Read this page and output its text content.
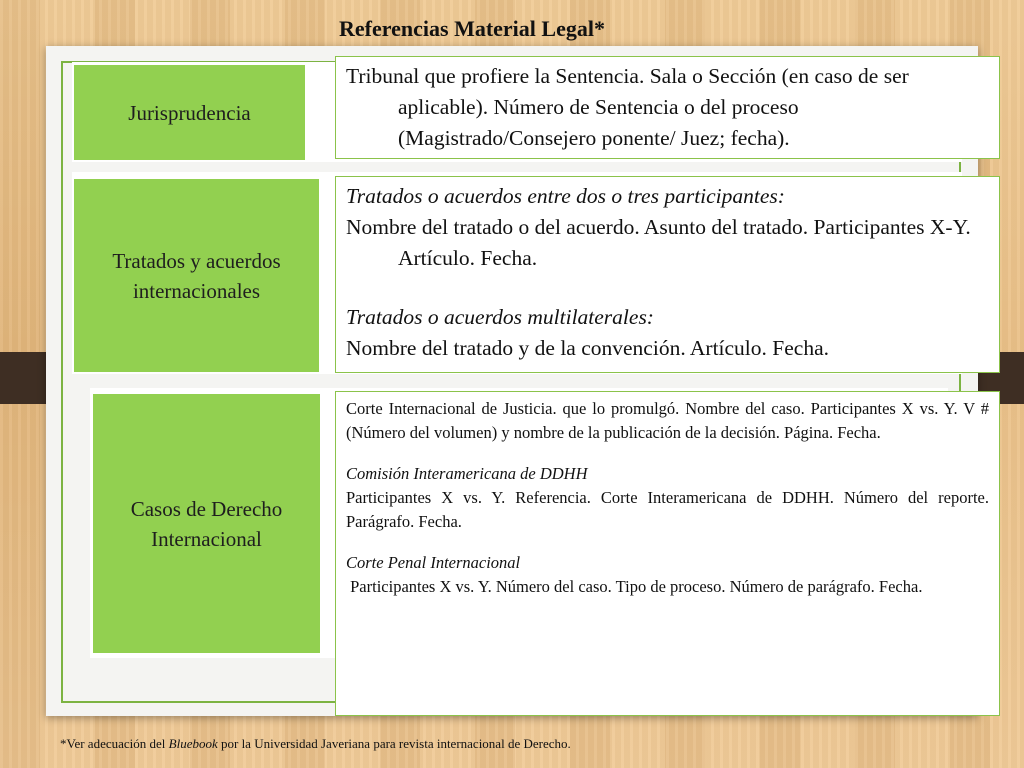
Referencias Material Legal*
Jurisprudencia

Tribunal que profiere la Sentencia. Sala o Sección (en caso de ser aplicable). Número de Sentencia o del proceso (Magistrado/Consejero ponente/ Juez; fecha).

Tratados y acuerdos internacionales

Tratados o acuerdos entre dos o tres participantes:

Nombre del tratado o del acuerdo. Asunto del tratado. Participantes X-Y. Artículo. Fecha.

Tratados o acuerdos multilaterales:

Nombre del tratado y de la convención. Artículo. Fecha.

Casos de Derecho Internacional

Corte Internacional de Justicia. que lo promulgó. Nombre del caso. Participantes X vs. Y. V # (Número del volumen) y nombre de la publicación de la decisión. Página. Fecha.

Comisión Interamericana de DDHH

Participantes X vs. Y. Referencia. Corte Interamericana de DDHH. Número del reporte. Parágrafo. Fecha.

Corte Penal Internacional

Participantes X vs. Y. Número del caso. Tipo de proceso. Número de parágrafo. Fecha.

*Ver adecuación del Bluebook por la Universidad Javeriana para revista internacional de Derecho.
